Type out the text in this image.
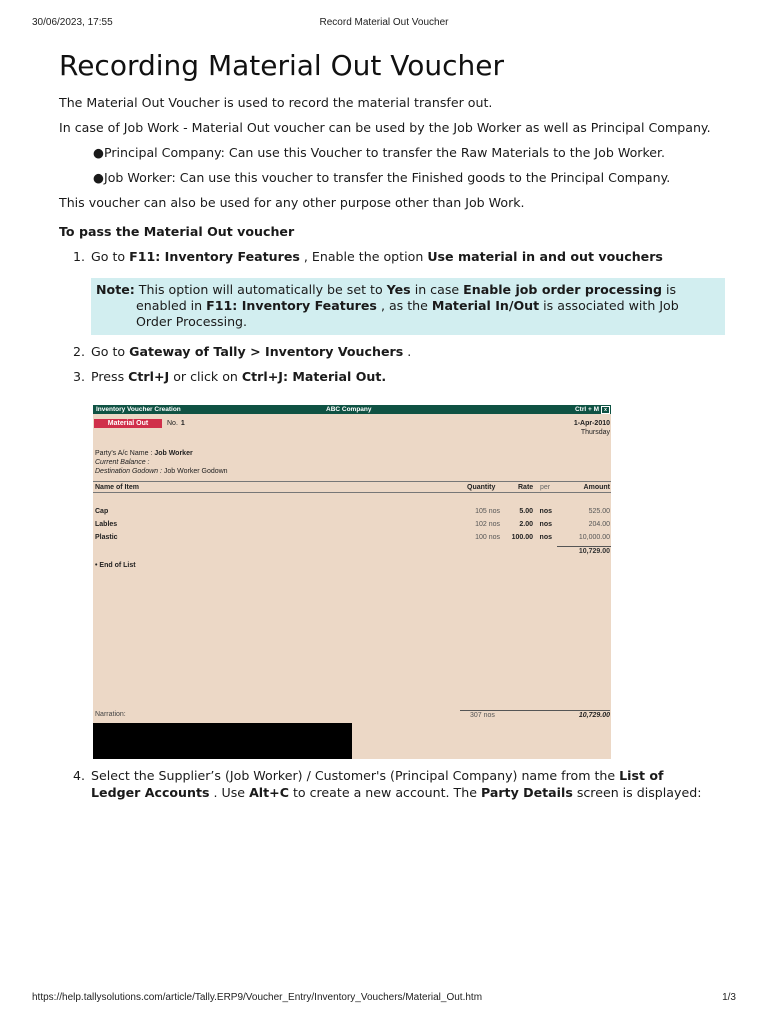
30/06/2023, 17:55	Record Material Out Voucher
Recording Material Out Voucher

The Material Out Voucher is used to record the material transfer out.

In case of Job Work - Material Out voucher can be used by the Job Worker as well as Principal Company.

● Principal Company: Can use this Voucher to transfer the Raw Materials to the Job Worker.
● Job Worker: Can use this voucher to transfer the Finished goods to the Principal Company.

This voucher can also be used for any other purpose other than Job Work.

To pass the Material Out voucher
1. Go to F11: Inventory Features , Enable the option Use material in and out vouchers
Note: This option will automatically be set to Yes in case Enable job order processing is
enabled in F11: Inventory Features , as the Material In/Out is associated with Job
Order Processing.
2. Go to Gateway of Tally > Inventory Vouchers .
3. Press Ctrl+J or click on Ctrl+J: Material Out.
Inventory Voucher Creation	ABC Company	Ctrl + M	x
Material Out	No. 1	1-Apr-2010
Thursday
Party's A/c Name : Job Worker
Current Balance :
Destination Godown : Job Worker Godown
Name of Item	Quantity	Rate per	Amount
Cap	105 nos	5.00 nos	525.00
Lables	102 nos	2.00 nos	204.00
Plastic	100 nos 100.00 nos	10,000.00
10,729.00
• End of List
Narration:	307 nos	10,729.00
4. Select the Supplier’s (Job Worker) / Customer's (Principal Company) name from the List of
Ledger Accounts . Use Alt+C to create a new account. The Party Details screen is displayed:
https://help.tallysolutions.com/article/Tally.ERP9/Voucher_Entry/Inventory_Vouchers/Material_Out.htm	1/3
